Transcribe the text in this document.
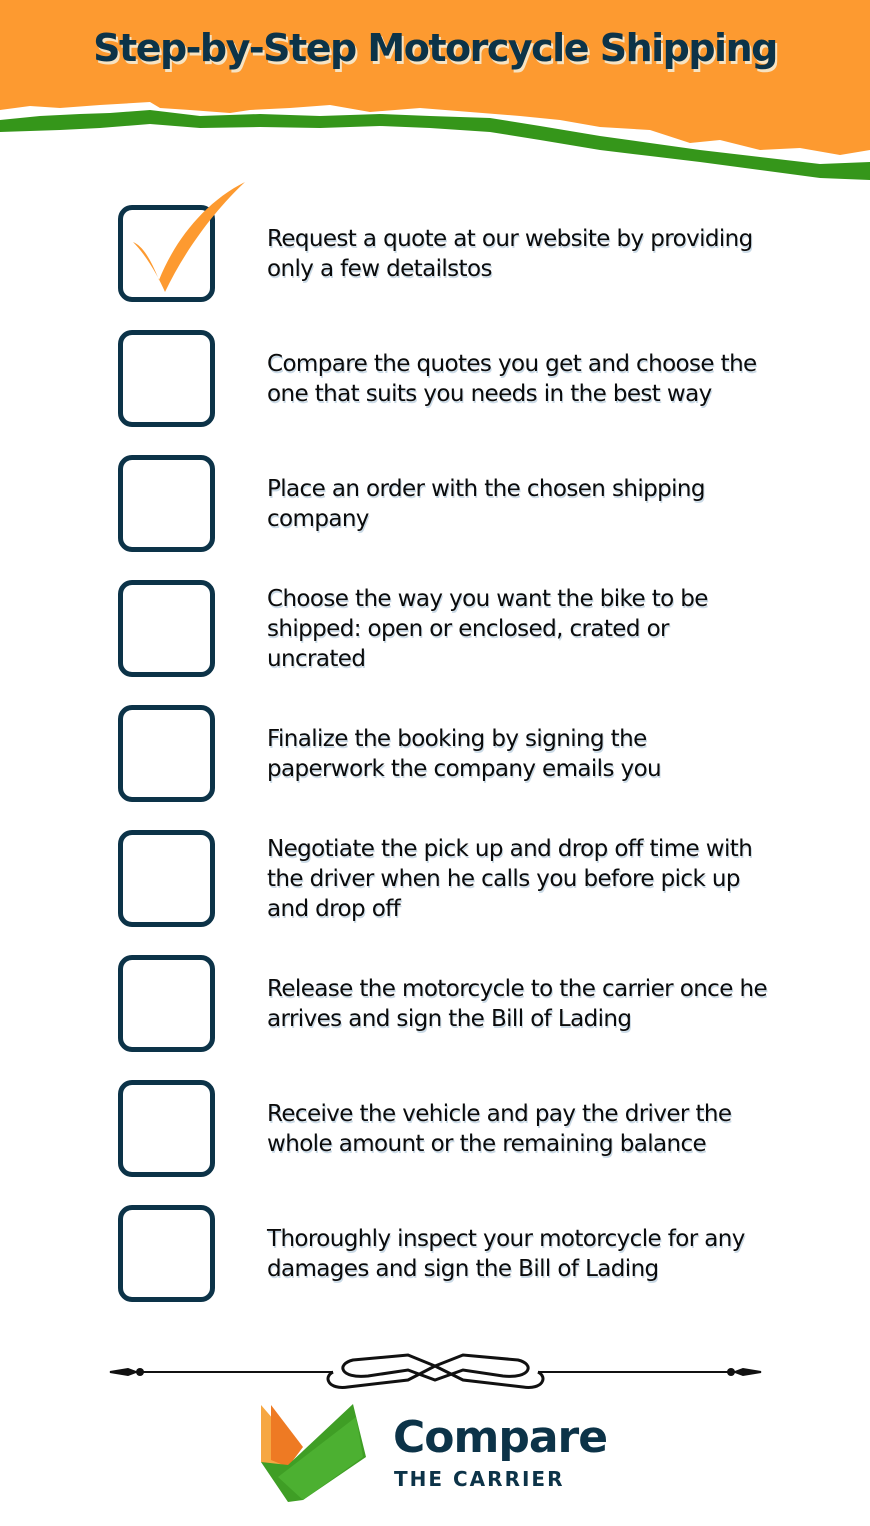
Step-by-Step Motorcycle Shipping
Request a quote at our website by providing only a few detailstos
Compare the quotes you get and choose the one that suits you needs in the best way
Place an order with the chosen shipping company
Choose the way you want the bike to be shipped: open or enclosed, crated or uncrated
Finalize the booking by signing the paperwork the company emails you
Negotiate the pick up and drop off time with the driver when he calls you before pick up and drop off
Release the motorcycle to the carrier once he arrives and sign the Bill of Lading
Receive the vehicle and pay the driver the whole amount or the remaining balance
Thoroughly inspect your motorcycle for any damages and sign the Bill of Lading
Compare
THE CARRIER
